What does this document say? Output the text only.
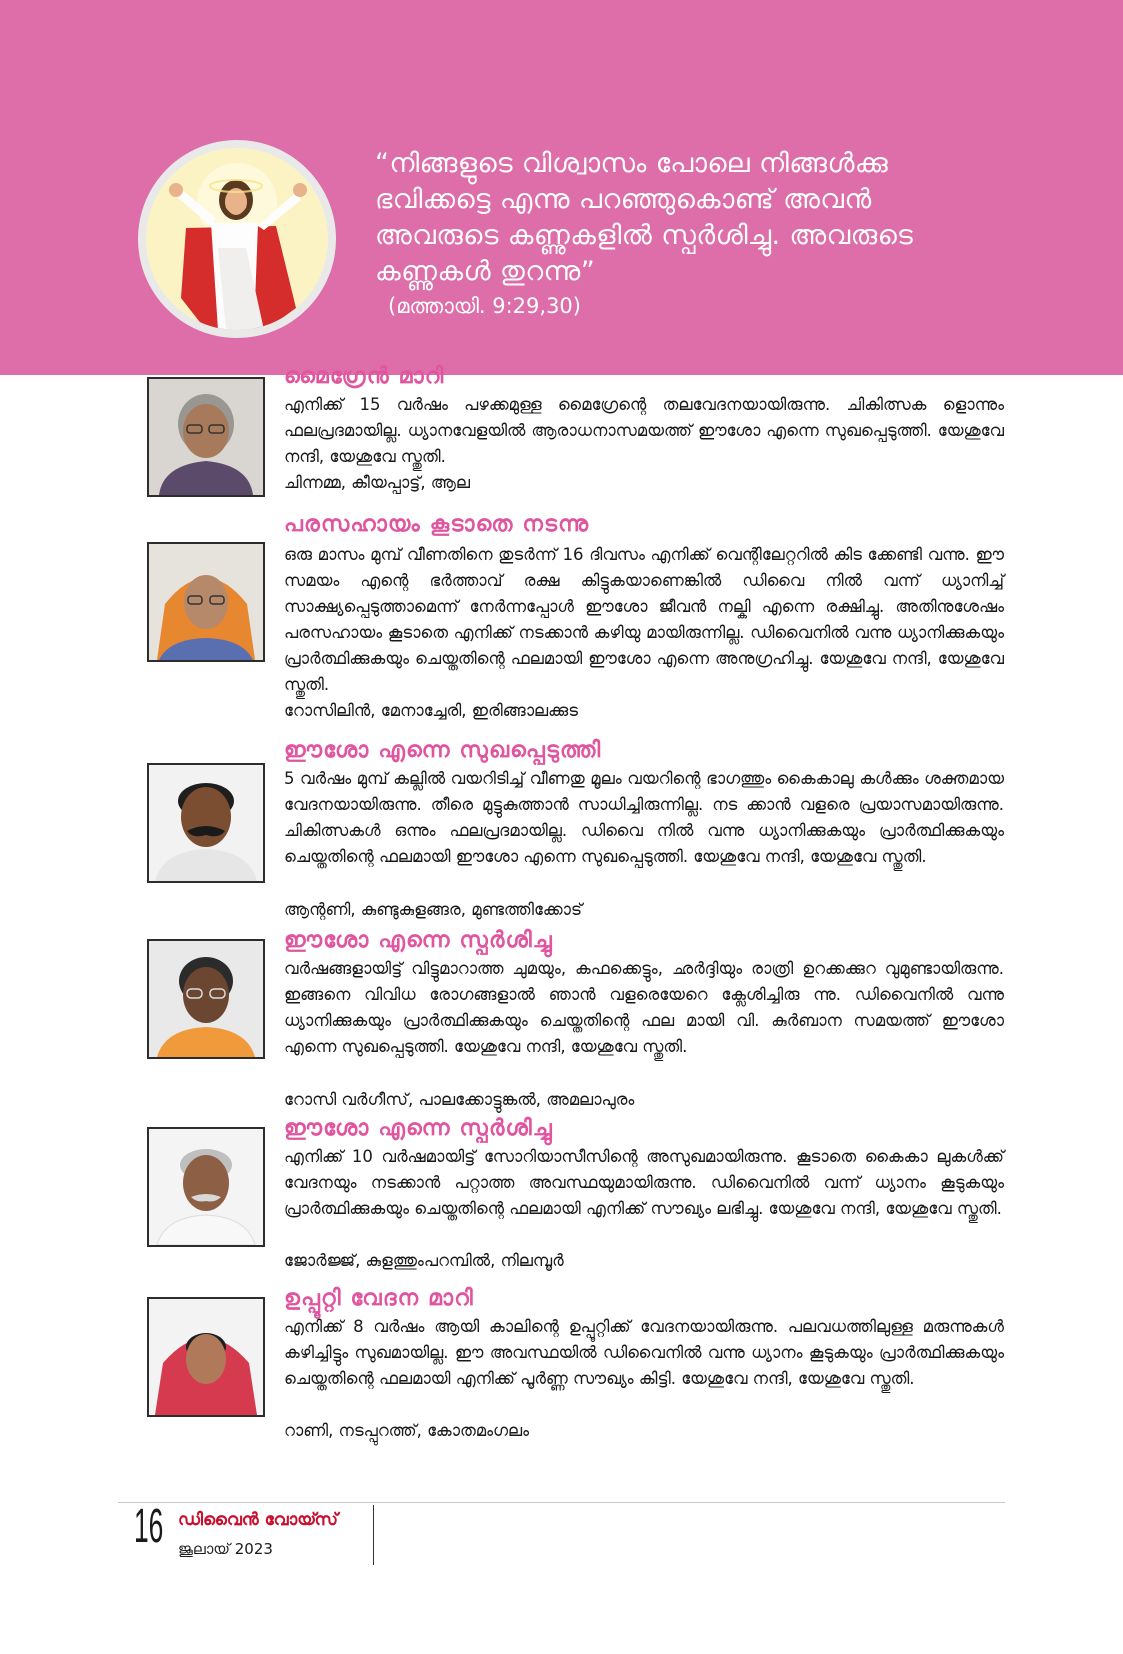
“നിങ്ങളുടെ വിശ്വാസം പോലെ നിങ്ങൾക്കു ഭവിക്കട്ടെ എന്നു പറഞ്ഞുകൊണ്ട് അവൻ അവരുടെ കണ്ണുകളിൽ സ്പർശിച്ചു. അവരുടെ കണ്ണുകൾ തുറന്നു”

(മത്തായി. 9:29,30)

മൈഗ്രേൻ മാറി

എനിക്ക് 15 വർഷം പഴക്കമുള്ള മൈഗ്രേന്റെ തലവേദനയായിരുന്നു. ചികിത്സക ളൊന്നും ഫലപ്രദമായില്ല. ധ്യാനവേളയിൽ ആരാധനാസമയത്ത് ഈശോ എന്നെ സുഖപ്പെടുത്തി. യേശുവേ നന്ദി, യേശുവേ സ്തുതി.

ചിന്നമ്മ, കീയപ്പാട്ട്, ആല

പരസഹായം കൂടാതെ നടന്നു

ഒരു മാസം മുമ്പ് വീണതിനെ തുടർന്ന് 16 ദിവസം എനിക്ക് വെന്റിലേറ്ററിൽ കിട ക്കേണ്ടി വന്നു. ഈ സമയം എന്റെ ഭർത്താവ് രക്ഷ കിട്ടുകയാണെങ്കിൽ ഡിവൈ നിൽ വന്ന് ധ്യാനിച്ച് സാക്ഷ്യപ്പെടുത്താമെന്ന് നേർന്നപ്പോൾ ഈശോ ജീവൻ നല്കി എന്നെ രക്ഷിച്ചു. അതിനുശേഷം പരസഹായം കൂടാതെ എനിക്ക് നടക്കാൻ കഴിയു മായിരുന്നില്ല. ഡിവൈനിൽ വന്നു ധ്യാനിക്കുകയും പ്രാർത്ഥിക്കുകയും ചെയ്തതിന്റെ ഫലമായി ഈശോ എന്നെ അനുഗ്രഹിച്ചു. യേശുവേ നന്ദി, യേശുവേ സ്തുതി.

റോസിലിൻ, മേനാച്ചേരി, ഇരിങ്ങാലക്കുട

ഈശോ എന്നെ സുഖപ്പെടുത്തി

5 വർഷം മുമ്പ് കല്ലിൽ വയറിടിച്ച് വീണതു മൂലം വയറിന്റെ ഭാഗത്തും കൈകാലു കൾക്കും ശക്തമായ വേദനയായിരുന്നു. തീരെ മുട്ടുകുത്താൻ സാധിച്ചിരുന്നില്ല. നട ക്കാൻ വളരെ പ്രയാസമായിരുന്നു. ചികിത്സകൾ ഒന്നും ഫലപ്രദമായില്ല. ഡിവൈ നിൽ വന്നു ധ്യാനിക്കുകയും പ്രാർത്ഥിക്കുകയും ചെയ്തതിന്റെ ഫലമായി ഈശോ എന്നെ സുഖപ്പെടുത്തി. യേശുവേ നന്ദി, യേശുവേ സ്തുതി.

ആന്റണി, കുണ്ടുകുളങ്ങര, മുണ്ടത്തിക്കോട്

ഈശോ എന്നെ സ്പർശിച്ചു

വർഷങ്ങളായിട്ട് വിട്ടുമാറാത്ത ചുമയും, കഫക്കെട്ടും, ഛർദ്ദിയും രാത്രി ഉറക്കക്കുറ വുമുണ്ടായിരുന്നു. ഇങ്ങനെ വിവിധ രോഗങ്ങളാൽ ഞാൻ വളരെയേറെ ക്ലേശിച്ചിരു ന്നു. ഡിവൈനിൽ വന്നു ധ്യാനിക്കുകയും പ്രാർത്ഥിക്കുകയും ചെയ്തതിന്റെ ഫല മായി വി. കുർബാന സമയത്ത് ഈശോ എന്നെ സുഖപ്പെടുത്തി. യേശുവേ നന്ദി, യേശുവേ സ്തുതി.

റോസി വർഗീസ്, പാലക്കോട്ടുങ്കൽ, അമലാപുരം

ഈശോ എന്നെ സ്പർശിച്ചു

എനിക്ക് 10 വർഷമായിട്ട് സോറിയാസീസിന്റെ അസുഖമായിരുന്നു. കൂടാതെ കൈകാ ലുകൾക്ക് വേദനയും നടക്കാൻ പറ്റാത്ത അവസ്ഥയുമായിരുന്നു. ഡിവൈനിൽ വന്ന് ധ്യാനം കൂടുകയും പ്രാർത്ഥിക്കുകയും ചെയ്തതിന്റെ ഫലമായി എനിക്ക് സൗഖ്യം ലഭിച്ചു. യേശുവേ നന്ദി, യേശുവേ സ്തുതി.

ജോർജ്ജ്, കുളത്തുംപറമ്പിൽ, നിലമ്പൂർ

ഉപ്പൂറ്റി വേദന മാറി

എനിക്ക് 8 വർഷം ആയി കാലിന്റെ ഉപ്പൂറ്റിക്ക് വേദനയായിരുന്നു. പലവധത്തിലുള്ള മരുന്നുകൾ കഴിച്ചിട്ടും സുഖമായില്ല. ഈ അവസ്ഥയിൽ ഡിവൈനിൽ വന്നു ധ്യാനം കൂടുകയും പ്രാർത്ഥിക്കുകയും ചെയ്തതിന്റെ ഫലമായി എനിക്ക് പൂർണ്ണ സൗഖ്യം കിട്ടി. യേശുവേ നന്ദി, യേശുവേ സ്തുതി.

റാണി, നടപ്പുറത്ത്, കോതമംഗലം

16 ഡിവൈൻ വോയ്സ്

ജൂലായ് 2023
